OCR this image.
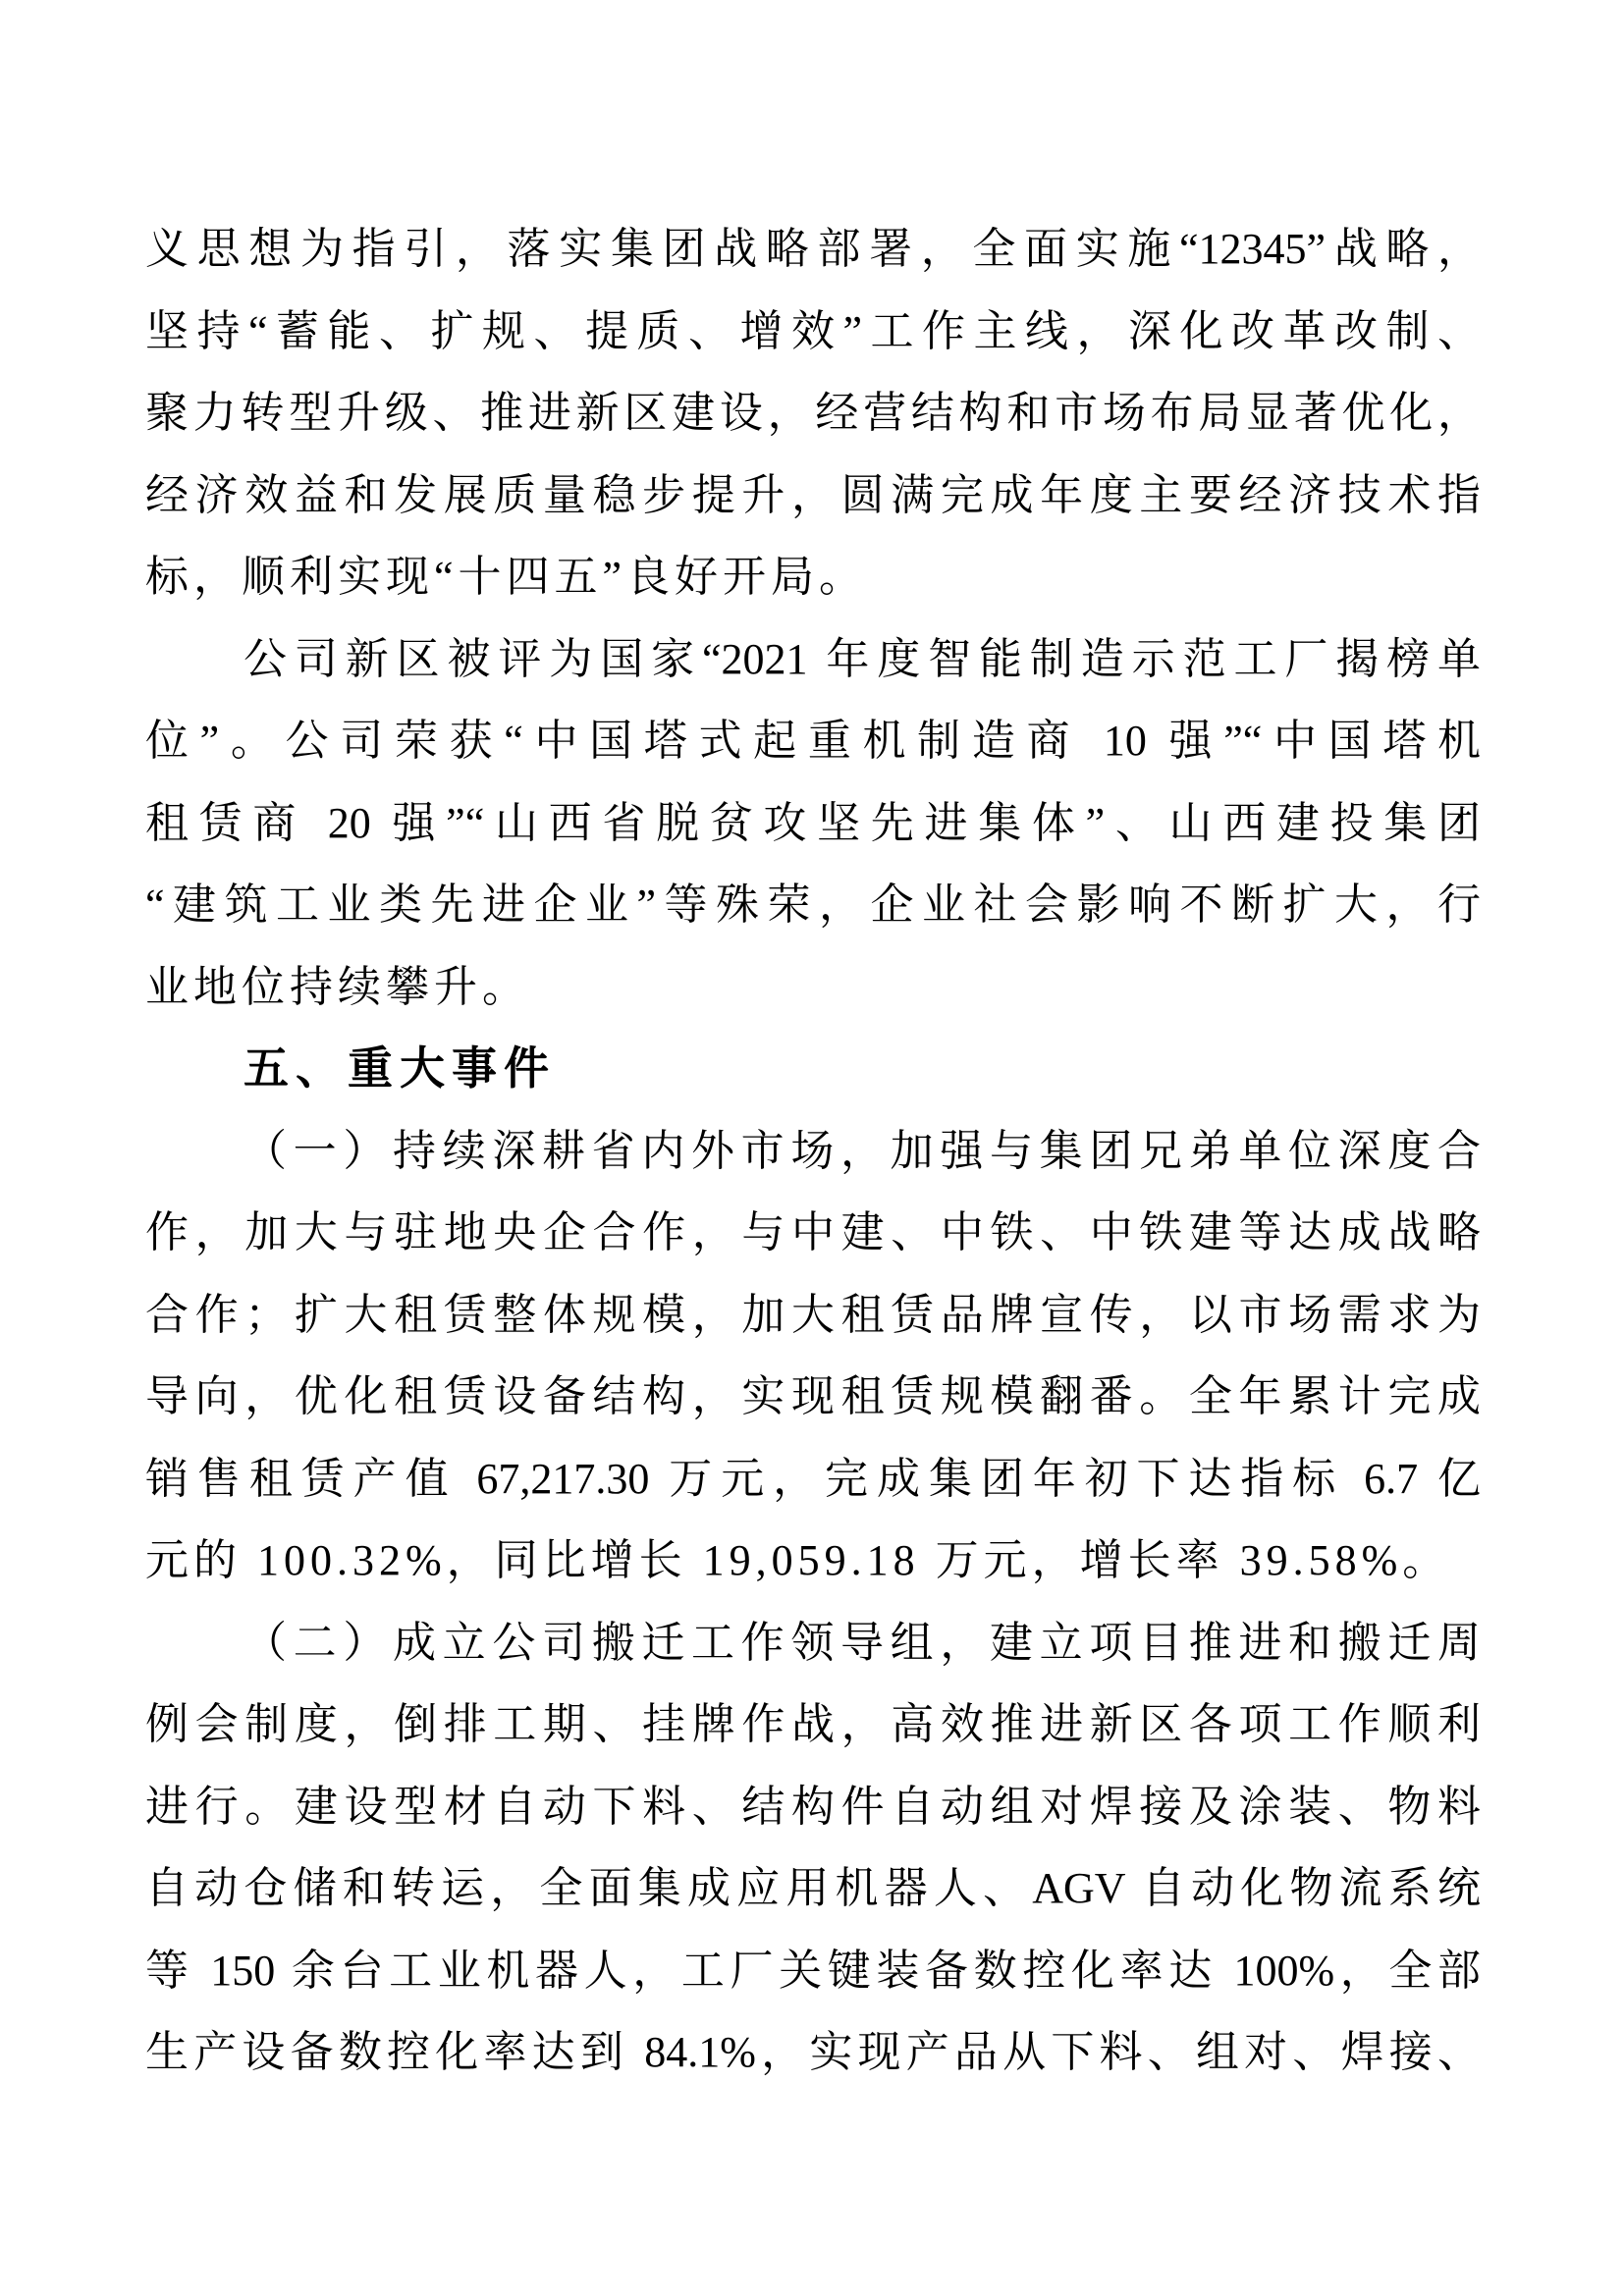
义思想为指引，落实集团战略部署，全面实施“12345”战略，
坚持“蓄能、扩规、提质、增效”工作主线，深化改革改制、
聚力转型升级、推进新区建设，经营结构和市场布局显著优化，
经济效益和发展质量稳步提升，圆满完成年度主要经济技术指
标，顺利实现“十四五”良好开局。
公司新区被评为国家“2021 年度智能制造示范工厂揭榜单
位”。公司荣获“中国塔式起重机制造商 10 强”“中国塔机
租赁商 20 强”“山西省脱贫攻坚先进集体”、山西建投集团
“建筑工业类先进企业”等殊荣，企业社会影响不断扩大，行
业地位持续攀升。
五、重大事件
（一）持续深耕省内外市场，加强与集团兄弟单位深度合
作，加大与驻地央企合作，与中建、中铁、中铁建等达成战略
合作；扩大租赁整体规模，加大租赁品牌宣传，以市场需求为
导向，优化租赁设备结构，实现租赁规模翻番。全年累计完成
销售租赁产值 67,217.30 万元，完成集团年初下达指标 6.7 亿
元的 100.32%，同比增长 19,059.18 万元，增长率 39.58%。
（二）成立公司搬迁工作领导组，建立项目推进和搬迁周
例会制度，倒排工期、挂牌作战，高效推进新区各项工作顺利
进行。建设型材自动下料、结构件自动组对焊接及涂装、物料
自动仓储和转运，全面集成应用机器人、AGV 自动化物流系统
等 150 余台工业机器人，工厂关键装备数控化率达 100%，全部
生产设备数控化率达到 84.1%，实现产品从下料、组对、焊接、
